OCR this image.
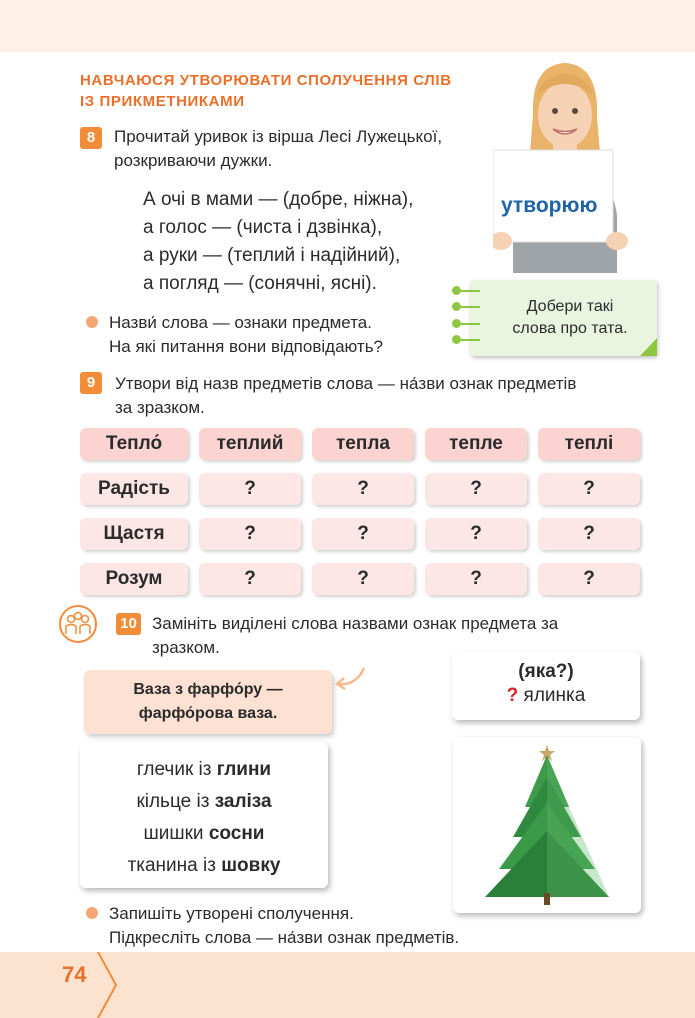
НАВЧАЮСЯ УТВОРЮВАТИ СПОЛУЧЕННЯ СЛІВ
ІЗ ПРИКМЕТНИКАМИ
8	Прочитай уривок із вірша Лесі Лужецької,
розкриваючи дужки.
А очі в мами — (добре, ніжна),
а голос — (чиста і дзвінка),
а руки — (теплий і надійний),
а погляд — (сонячні, ясні).
Назви́ слова — ознаки предмета.
На які питання вони відповідають?
утворюю
Добери такі
слова про тата.
9	Утвори від назв предметів слова — на́зви ознак предметів
за зразком.
Тепло́	теплий	тепла	тепле	теплі
Радість	?	?	?	?
Щастя	?	?	?	?
Розум	?	?	?	?
10 Замініть виділені слова назвами ознак предмета за
зразком.
Ваза з фарфо́ру —
фарфо́рова ваза.
глечик із глини
кільце із заліза
шишки сосни
тканина із шовку
(яка?)
? ялинка
Запишіть утворені сполучення.
Підкресліть слова — на́зви ознак предметів.
74
